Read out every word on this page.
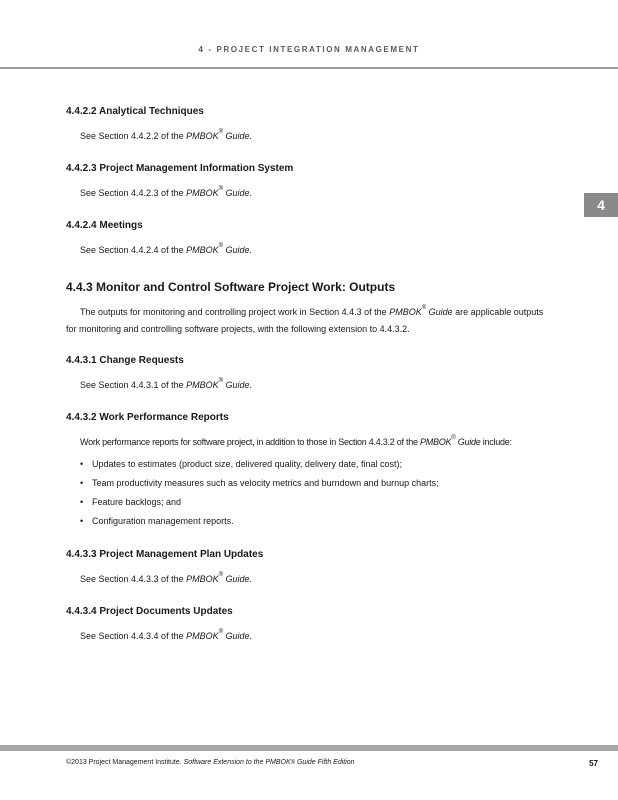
4 - PROJECT INTEGRATION MANAGEMENT
4

4.4.2.2 Analytical Techniques

See Section 4.4.2.2 of the PMBOK® Guide.

4.4.2.3 Project Management Information System

See Section 4.4.2.3 of the PMBOK® Guide.

4.4.2.4 Meetings

See Section 4.4.2.4 of the PMBOK® Guide.

4.4.3 Monitor and Control Software Project Work: Outputs

The outputs for monitoring and controlling project work in Section 4.4.3 of the PMBOK® Guide are applicable outputs for monitoring and controlling software projects, with the following extension to 4.4.3.2.

4.4.3.1 Change Requests

See Section 4.4.3.1 of the PMBOK® Guide.

4.4.3.2 Work Performance Reports

Work performance reports for software project, in addition to those in Section 4.4.3.2 of the PMBOK® Guide include:

• Updates to estimates (product size, delivered quality, delivery date, final cost);
• Team productivity measures such as velocity metrics and burndown and burnup charts;
• Feature backlogs; and
• Configuration management reports.

4.4.3.3 Project Management Plan Updates

See Section 4.4.3.3 of the PMBOK® Guide.

4.4.3.4 Project Documents Updates

See Section 4.4.3.4 of the PMBOK® Guide.

©2013 Project Management Institute. Software Extension to the PMBOK® Guide Fifth Edition	57
